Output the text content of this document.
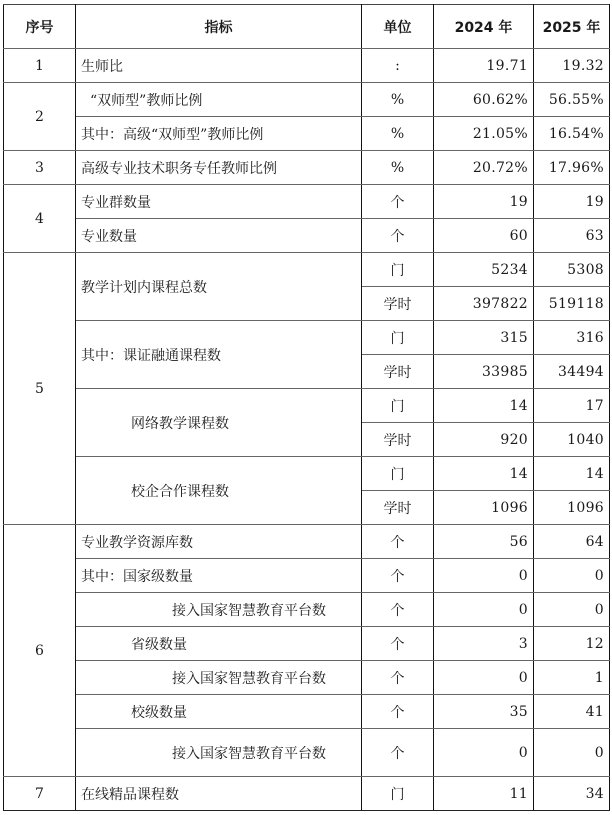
序号	指标	单位	2024 年	2025 年
1	生师比	:	19.71	19.32
2	“双师型”教师比例	%	60.62%	56.55%
	其中：高级“双师型”教师比例	%	21.05%	16.54%
3	高级专业技术职务专任教师比例	%	20.72%	17.96%
4	专业群数量	个	19	19
	专业数量	个	60	63
5	教学计划内课程总数	门	5234	5308
		学时	397822	519118
	其中：课证融通课程数	门	315	316
		学时	33985	34494
	网络教学课程数	门	14	17
		学时	920	1040
	校企合作课程数	门	14	14
		学时	1096	1096
6	专业教学资源库数	个	56	64
	其中：国家级数量	个	0	0
	接入国家智慧教育平台数	个	0	0
	省级数量	个	3	12
	接入国家智慧教育平台数	个	0	1
	校级数量	个	35	41
	接入国家智慧教育平台数	个	0	0
7	在线精品课程数	门	11	34
